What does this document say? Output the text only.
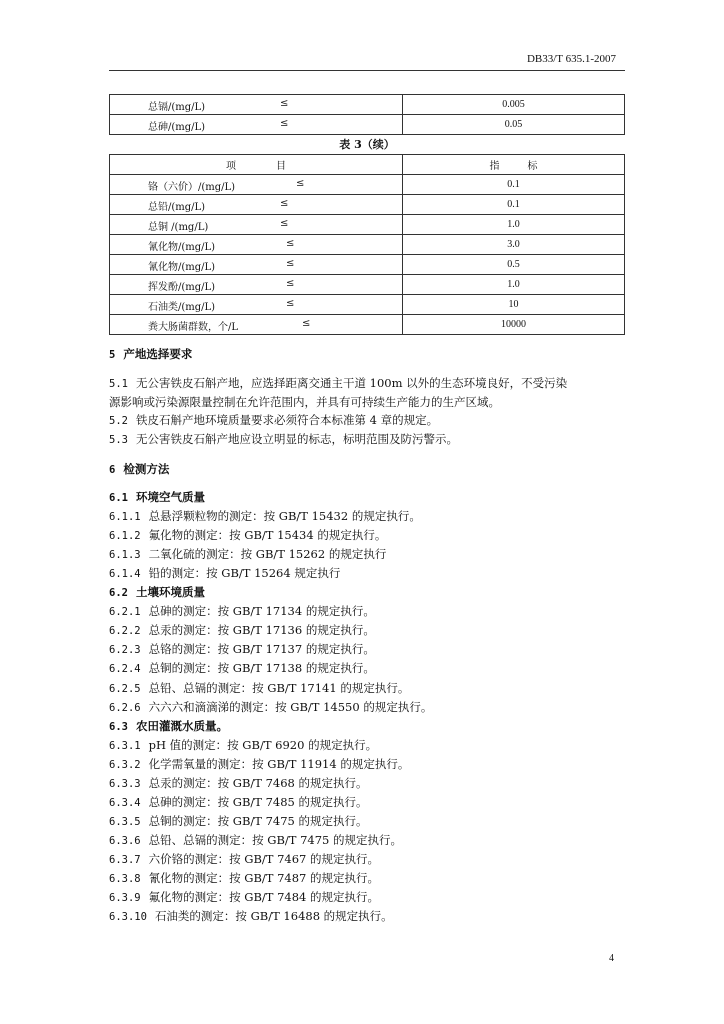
DB33/T 635.1-2007
总镉/(mg/L) ≤	0.005

总砷/(mg/L) ≤	0.05
表 3（续）
项 目	指 标

铬（六价）/(mg/L) ≤	0.1

总铅/(mg/L) ≤	0.1

总铜 /(mg/L) ≤	1.0

氰化物/(mg/L) ≤	3.0

氰化物/(mg/L) ≤	0.5

挥发酚/(mg/L) ≤	1.0

石油类/(mg/L) ≤	10

粪大肠菌群数，个/L ≤	10000
5 产地选择要求
5.1 无公害铁皮石斛产地，应选择距离交通主干道 100m 以外的生态环境良好，不受污染
源影响或污染源限量控制在允许范围内，并具有可持续生产能力的生产区域。
5.2 铁皮石斛产地环境质量要求必须符合本标准第 4 章的规定。
5.3 无公害铁皮石斛产地应设立明显的标志，标明范围及防污警示。
6 检测方法
6.1 环境空气质量
6.1.1 总悬浮颗粒物的测定：按 GB/T 15432 的规定执行。
6.1.2 氟化物的测定：按 GB/T 15434 的规定执行。
6.1.3 二氧化硫的测定：按 GB/T 15262 的规定执行
6.1.4 铅的测定：按 GB/T 15264 规定执行
6.2 土壤环境质量
6.2.1 总砷的测定：按 GB/T 17134 的规定执行。
6.2.2 总汞的测定：按 GB/T 17136 的规定执行。
6.2.3 总铬的测定：按 GB/T 17137 的规定执行。
6.2.4 总铜的测定：按 GB/T 17138 的规定执行。
6.2.5 总铅、总镉的测定：按 GB/T 17141 的规定执行。
6.2.6 六六六和滴滴涕的测定：按 GB/T 14550 的规定执行。
6.3 农田灌溉水质量。
6.3.1 pH 值的测定：按 GB/T 6920 的规定执行。
6.3.2 化学需氧量的测定：按 GB/T 11914 的规定执行。
6.3.3 总汞的测定：按 GB/T 7468 的规定执行。
6.3.4 总砷的测定：按 GB/T 7485 的规定执行。
6.3.5 总铜的测定：按 GB/T 7475 的规定执行。
6.3.6 总铅、总镉的测定：按 GB/T 7475 的规定执行。
6.3.7 六价铬的测定：按 GB/T 7467 的规定执行。
6.3.8 氰化物的测定：按 GB/T 7487 的规定执行。
6.3.9 氟化物的测定：按 GB/T 7484 的规定执行。
6.3.10 石油类的测定：按 GB/T 16488 的规定执行。
4
